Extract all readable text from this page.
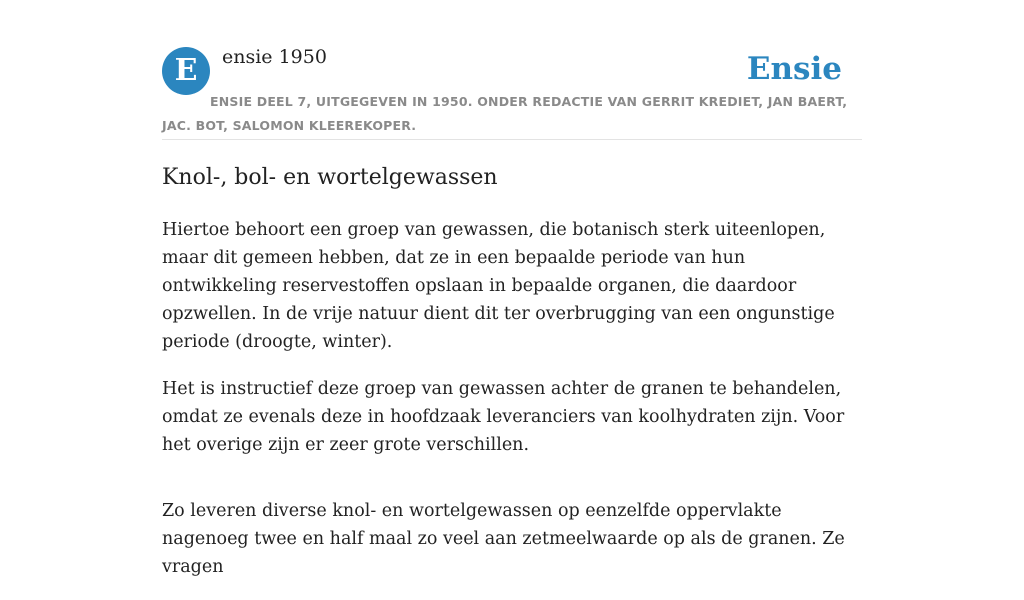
E	ensie 1950	Ensie
ENSIE DEEL 7, UITGEGEVEN IN 1950. ONDER REDACTIE VAN GERRIT KREDIET, JAN BAERT, JAC. BOT, SALOMON KLEEREKOPER.
Knol-, bol- en wortelgewassen

Hiertoe behoort een groep van gewassen, die botanisch sterk uiteenlopen, maar dit gemeen hebben, dat ze in een bepaalde periode van hun ontwikkeling reservestoffen opslaan in bepaalde organen, die daardoor opzwellen. In de vrije natuur dient dit ter overbrugging van een ongunstige periode (droogte, winter).

Het is instructief deze groep van gewassen achter de granen te behandelen, omdat ze evenals deze in hoofdzaak leveranciers van koolhydraten zijn. Voor het overige zijn er zeer grote verschillen.

Zo leveren diverse knol- en wortelgewassen op eenzelfde oppervlakte nagenoeg twee en half maal zo veel aan zetmeelwaarde op als de granen. Ze vragen
